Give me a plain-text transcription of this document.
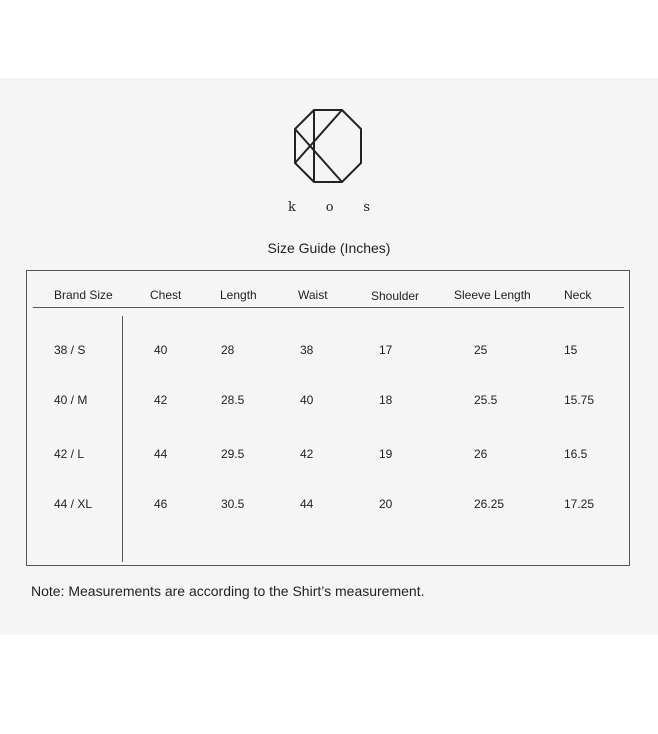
k o s
Size Guide (Inches)
Brand Size	Chest	Length	Waist	Shoulder	Sleeve Length	Neck
38 / S	40	28	38	17	25	15
40 / M	42	28.5	40	18	25.5	15.75
42 / L	44	29.5	42	19	26	16.5
44 / XL	46	30.5	44	20	26.25	17.25
Note: Measurements are according to the Shirt’s measurement.
